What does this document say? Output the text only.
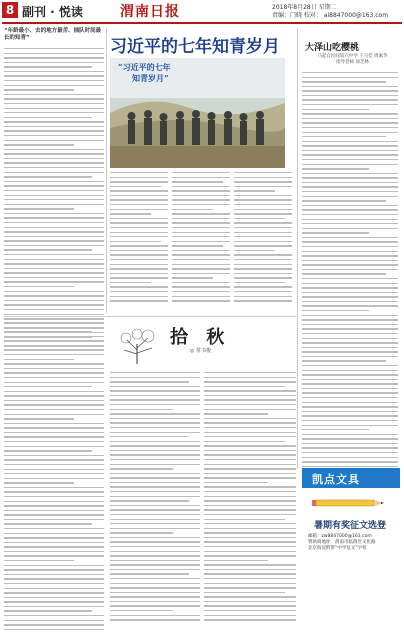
8 副刊 · 悦读	渭南日报	2018年8月28日 星期二
责编：门晓 校对： ai8847000@163.com
“年龄最小、去的地方最苦、插队时间最长的知青”	习近平的七年知青岁月
“习近平的七年
知青岁月”
大泽山吃樱桃
马起自民间第六中学 王马佳 周素华
指导老师 徐芝林
拾 秋
◎ 常书俊
凯点文具
暑期有奖征文选登
邮箱：zw8847000@163.com
赞助商地址：渭南市临渭区文化路
北京海淀附带“中学征文”字样
